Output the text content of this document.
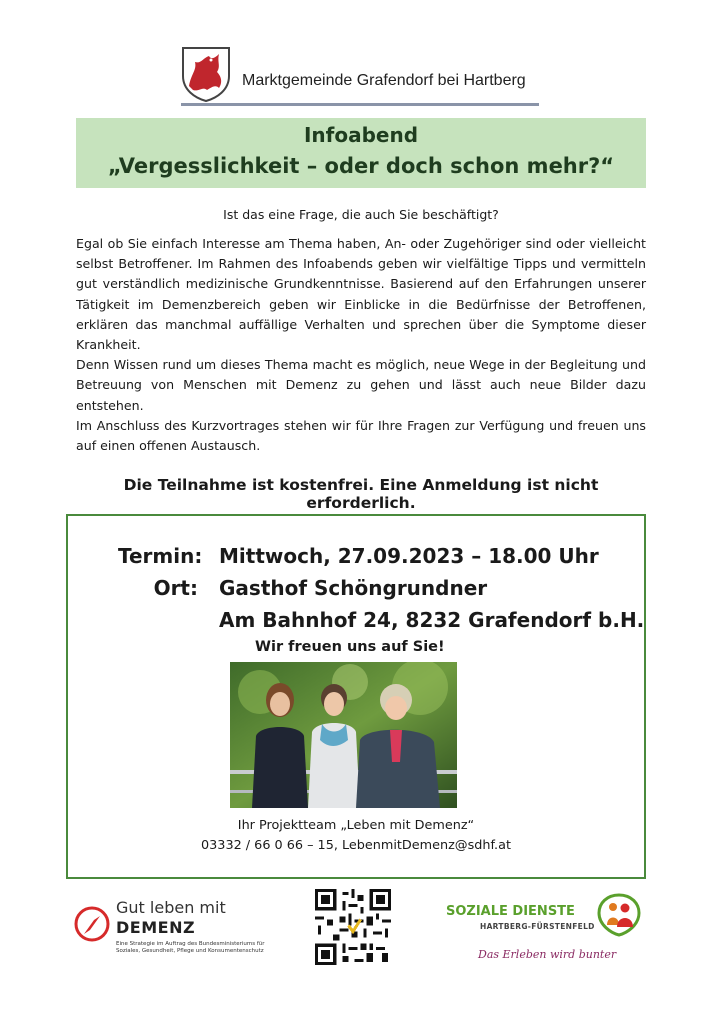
Marktgemeinde Grafendorf bei Hartberg
Infoabend
„Vergesslichkeit – oder doch schon mehr?“
Ist das eine Frage, die auch Sie beschäftigt?

Egal ob Sie einfach Interesse am Thema haben, An- oder Zugehöriger sind oder vielleicht selbst Betroffener. Im Rahmen des Infoabends geben wir vielfältige Tipps und vermitteln gut verständlich medizinische Grundkenntnisse. Basierend auf den Erfahrungen unserer Tätigkeit im Demenzbereich geben wir Einblicke in die Bedürfnisse der Betroffenen, erklären das manchmal auffällige Verhalten und sprechen über die Symptome dieser Krankheit.

Denn Wissen rund um dieses Thema macht es möglich, neue Wege in der Begleitung und Betreuung von Menschen mit Demenz zu gehen und lässt auch neue Bilder dazu entstehen.

Im Anschluss des Kurzvortrages stehen wir für Ihre Fragen zur Verfügung und freuen uns auf einen offenen Austausch.

Die Teilnahme ist kostenfrei. Eine Anmeldung ist nicht erforderlich.
Termin: Mittwoch, 27.09.2023 – 18.00 Uhr
Ort: Gasthof Schöngrundner
Am Bahnhof 24, 8232 Grafendorf b.H.
Wir freuen uns auf Sie!
Ihr Projektteam „Leben mit Demenz“
03332 / 66 0 66 – 15, LebenmitDemenz@sdhf.at
Gut leben mit
DEMENZ
Eine Strategie im Auftrag des Bundesministeriums für Soziales, Gesundheit, Pflege und Konsumentenschutz
SOZIALE DIENSTE
HARTBERG-FÜRSTENFELD
Das Erleben wird bunter
